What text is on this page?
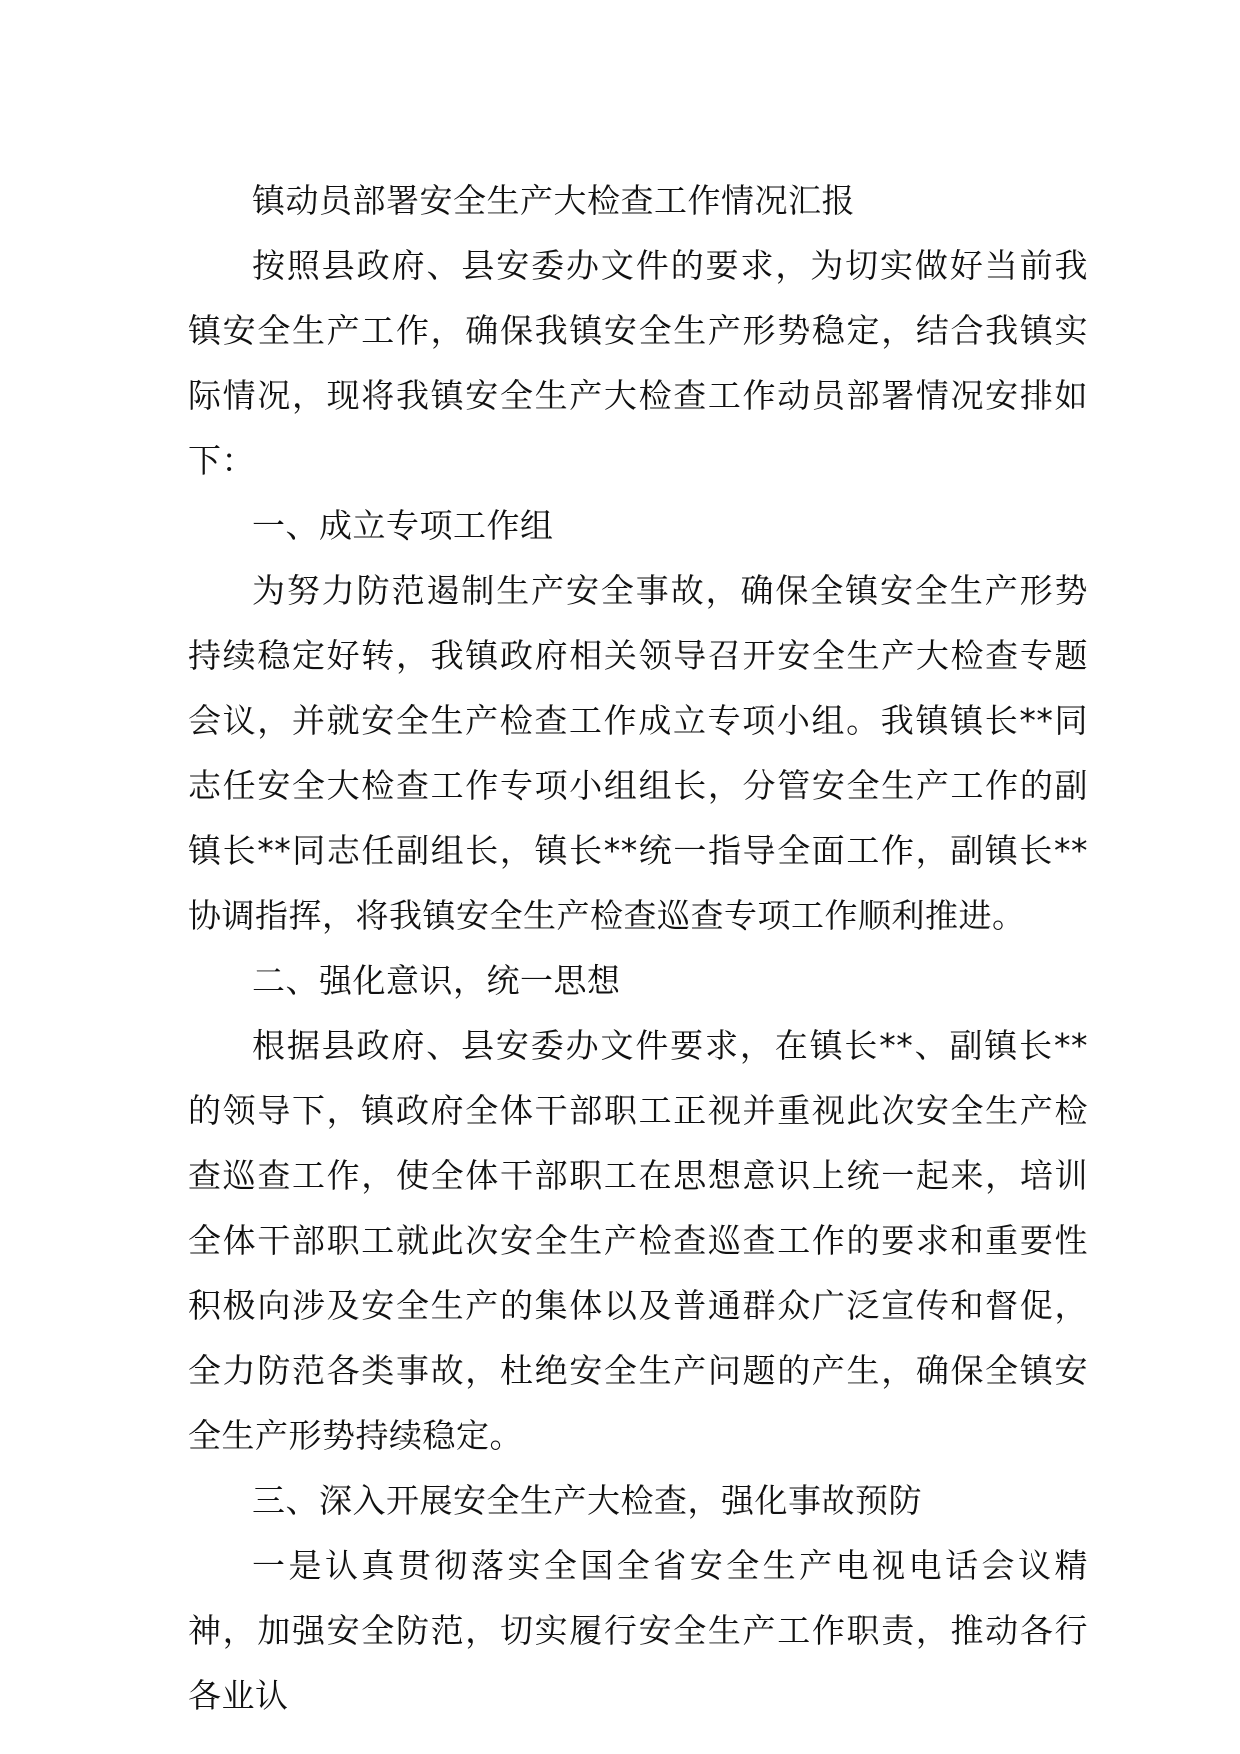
镇动员部署安全生产大检查工作情况汇报

按照县政府、县安委办文件的要求，为切实做好当前我镇安全生产工作，确保我镇安全生产形势稳定，结合我镇实际情况，现将我镇安全生产大检查工作动员部署情况安排如下：

一、成立专项工作组

为努力防范遏制生产安全事故，确保全镇安全生产形势持续稳定好转，我镇政府相关领导召开安全生产大检查专题会议，并就安全生产检查工作成立专项小组。我镇镇长**同志任安全大检查工作专项小组组长，分管安全生产工作的副镇长**同志任副组长，镇长**统一指导全面工作，副镇长**协调指挥，将我镇安全生产检查巡查专项工作顺利推进。

二、强化意识，统一思想

根据县政府、县安委办文件要求，在镇长**、副镇长**的领导下，镇政府全体干部职工正视并重视此次安全生产检查巡查工作，使全体干部职工在思想意识上统一起来，培训全体干部职工就此次安全生产检查巡查工作的要求和重要性积极向涉及安全生产的集体以及普通群众广泛宣传和督促，全力防范各类事故，杜绝安全生产问题的产生，确保全镇安全生产形势持续稳定。

三、深入开展安全生产大检查，强化事故预防

一是认真贯彻落实全国全省安全生产电视电话会议精神，加强安全防范，切实履行安全生产工作职责，推动各行各业认
